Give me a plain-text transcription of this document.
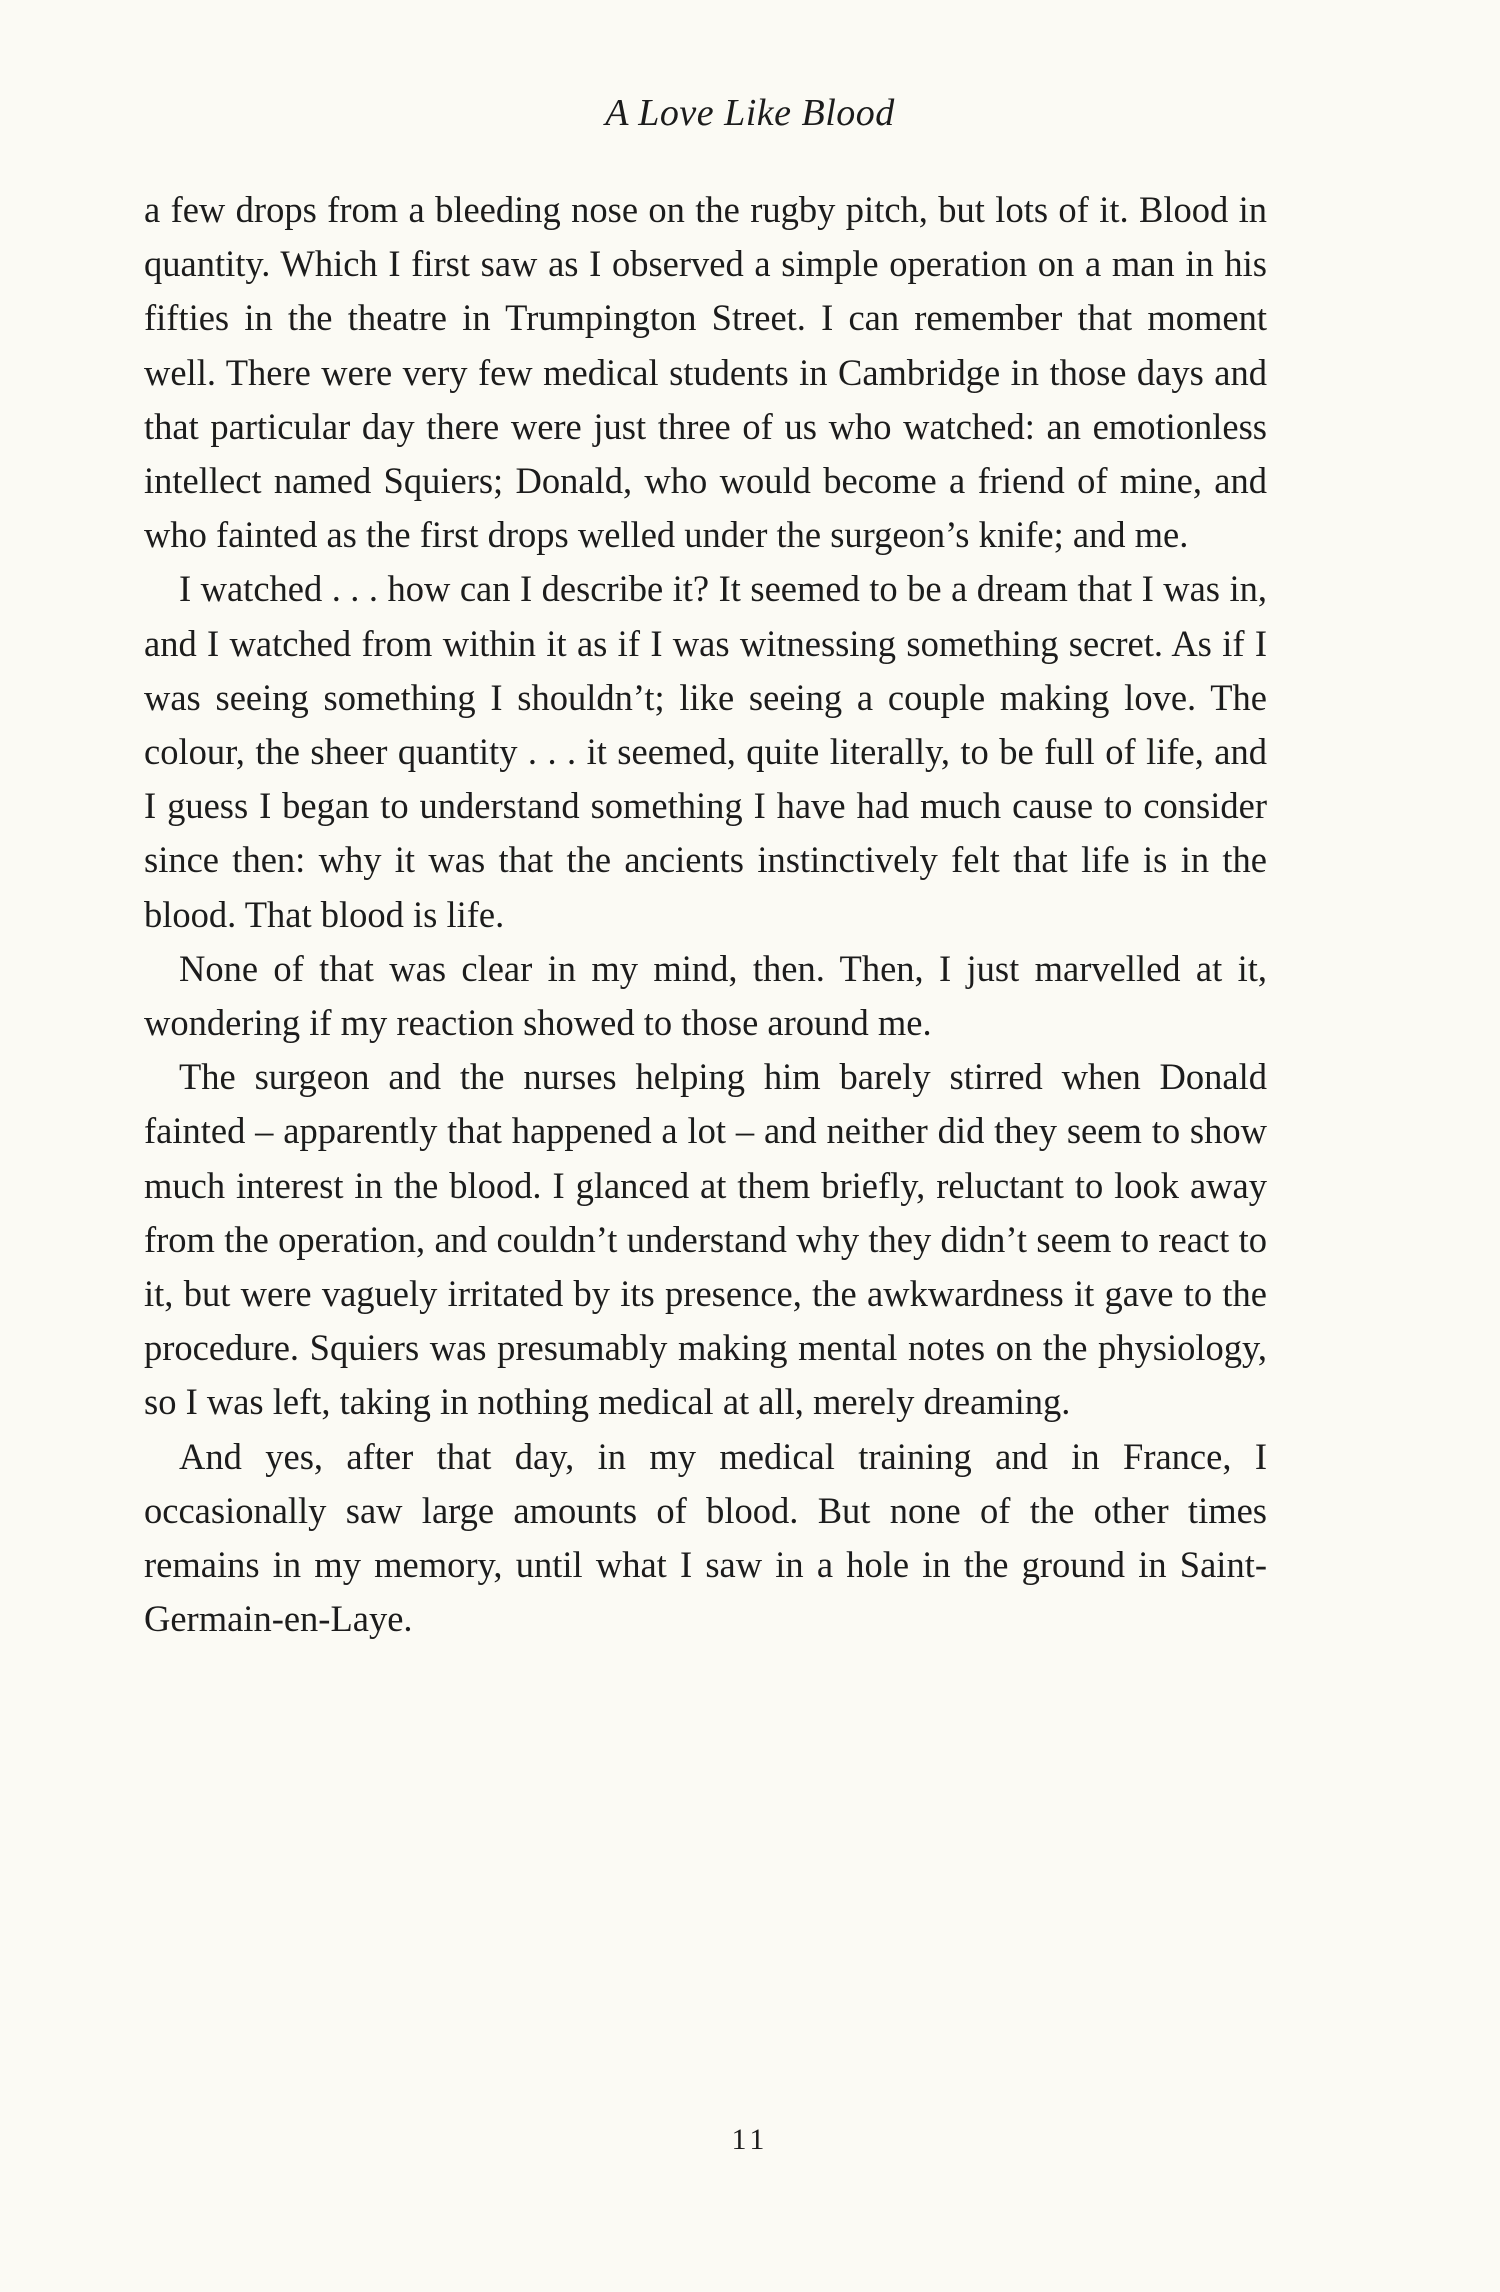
A Love Like Blood

a few drops from a bleeding nose on the rugby pitch, but lots of it. Blood in quantity. Which I first saw as I observed a simple operation on a man in his fifties in the theatre in Trumpington Street. I can remember that moment well. There were very few medical students in Cambridge in those days and that particular day there were just three of us who watched: an emotionless intellect named Squiers; Donald, who would become a friend of mine, and who fainted as the first drops welled under the surgeon’s knife; and me.

I watched . . . how can I describe it? It seemed to be a dream that I was in, and I watched from within it as if I was witnessing something secret. As if I was seeing something I shouldn’t; like seeing a couple making love. The colour, the sheer quantity . . . it seemed, quite literally, to be full of life, and I guess I began to understand something I have had much cause to consider since then: why it was that the ancients instinctively felt that life is in the blood. That blood is life.

None of that was clear in my mind, then. Then, I just marvelled at it, wondering if my reaction showed to those around me.

The surgeon and the nurses helping him barely stirred when Donald fainted – apparently that happened a lot – and neither did they seem to show much interest in the blood. I glanced at them briefly, reluctant to look away from the operation, and couldn’t understand why they didn’t seem to react to it, but were vaguely irritated by its presence, the awkwardness it gave to the procedure. Squiers was presumably making mental notes on the physiology, so I was left, taking in nothing medical at all, merely dreaming.

And yes, after that day, in my medical training and in France, I occasionally saw large amounts of blood. But none of the other times remains in my memory, until what I saw in a hole in the ground in Saint-Germain-en-Laye.

11
